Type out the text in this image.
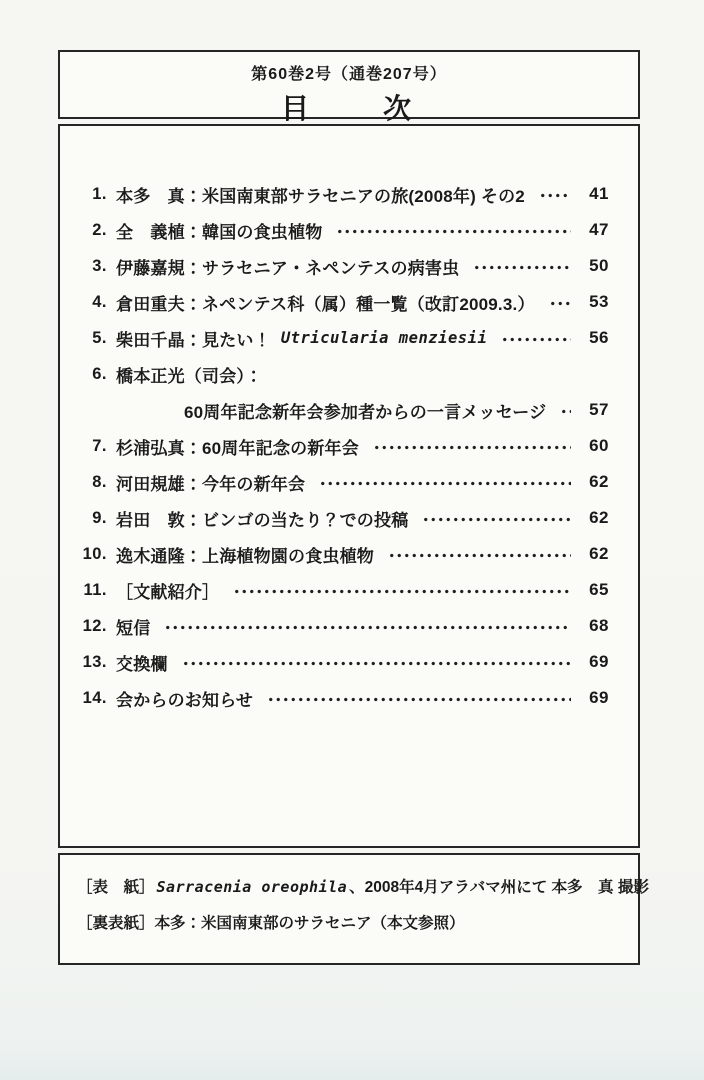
第60巻2号（通巻207号）
目　　次
1. 本多　真：米国南東部サラセニアの旅(2008年) その2	41
2. 全　義植：韓国の食虫植物	47
3. 伊藤嘉規：サラセニア・ネペンテスの病害虫	50
4. 倉田重夫：ネペンテス科（属）種一覧（改訂2009.3.）	53
5. 柴田千晶：見たい！ Utricularia menziesii	56
6. 橋本正光（司会）：
60周年記念新年会参加者からの一言メッセージ	57
7. 杉浦弘真：60周年記念の新年会	60
8. 河田規雄：今年の新年会	62
9. 岩田　敦：ビンゴの当たり？での投稿	62
10. 逸木通隆：上海植物園の食虫植物	62
11. ［文献紹介］	65
12. 短信	68
13. 交換欄	69
14. 会からのお知らせ	69
［表　紙］ Sarracenia oreophila 、2008年4月アラバマ州にて 本多　真 撮影
［裏表紙］本多：米国南東部のサラセニア（本文参照）
